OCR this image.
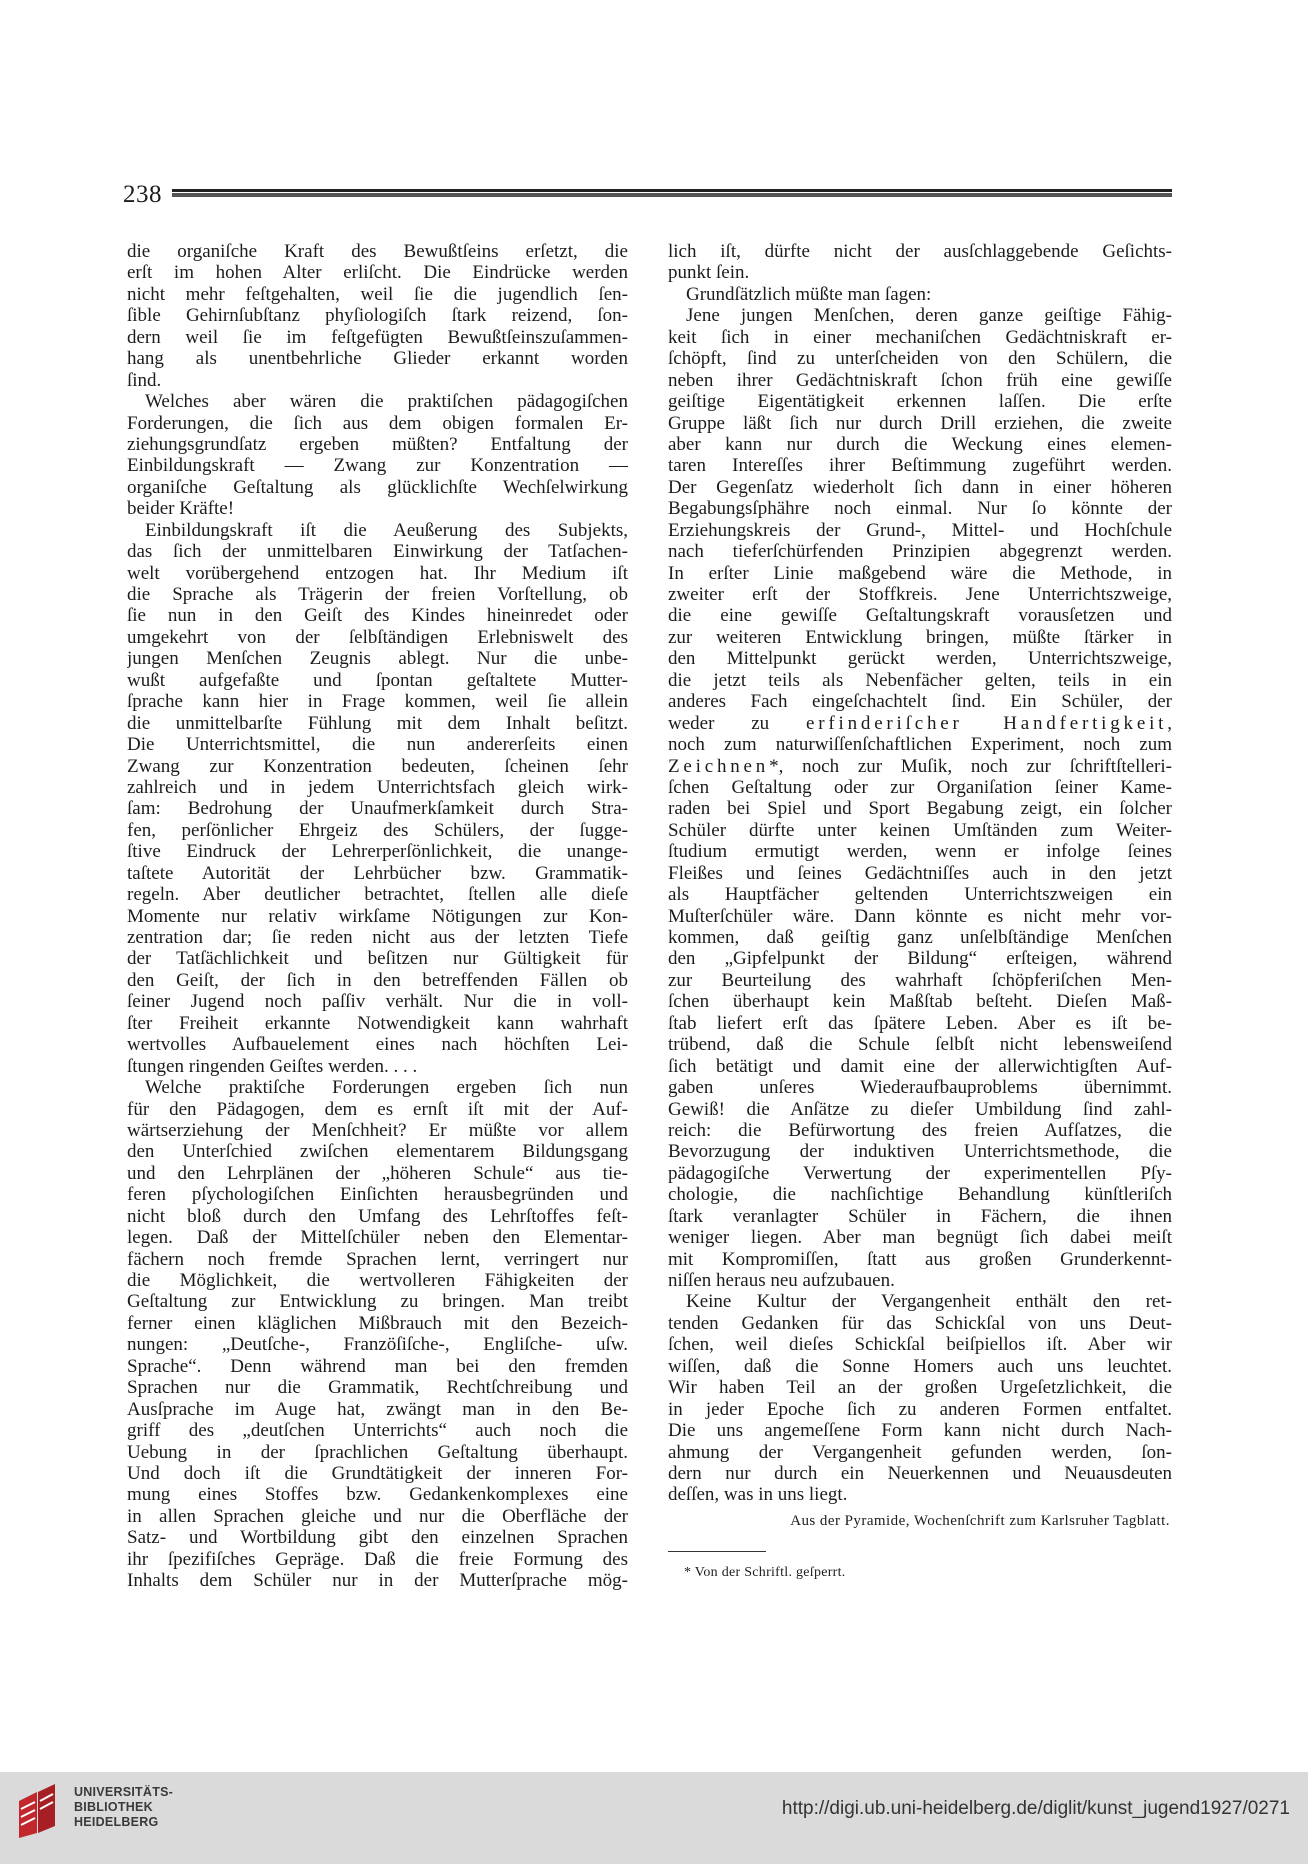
238
die organiſche Kraft des Bewußtſeins erſetzt, die
erſt im hohen Alter erliſcht. Die Eindrücke werden
nicht mehr feſtgehalten, weil ſie die jugendlich ſen-
ſible Gehirnſubſtanz phyſiologiſch ſtark reizend, ſon-
dern weil ſie im feſtgefügten Bewußtſeinszuſammen-
hang als unentbehrliche Glieder erkannt worden
ſind.
Welches aber wären die praktiſchen pädagogiſchen
Forderungen, die ſich aus dem obigen formalen Er-
ziehungsgrundſatz ergeben müßten? Entfaltung der
Einbildungskraft — Zwang zur Konzentration —
organiſche Geſtaltung als glücklichſte Wechſelwirkung
beider Kräfte!
Einbildungskraft iſt die Aeußerung des Subjekts,
das ſich der unmittelbaren Einwirkung der Tatſachen-
welt vorübergehend entzogen hat. Ihr Medium iſt
die Sprache als Trägerin der freien Vorſtellung, ob
ſie nun in den Geiſt des Kindes hineinredet oder
umgekehrt von der ſelbſtändigen Erlebniswelt des
jungen Menſchen Zeugnis ablegt. Nur die unbe-
wußt aufgefaßte und ſpontan geſtaltete Mutter-
ſprache kann hier in Frage kommen, weil ſie allein
die unmittelbarſte Fühlung mit dem Inhalt beſitzt.
Die Unterrichtsmittel, die nun andererſeits einen
Zwang zur Konzentration bedeuten, ſcheinen ſehr
zahlreich und in jedem Unterrichtsfach gleich wirk-
ſam: Bedrohung der Unaufmerkſamkeit durch Stra-
fen, perſönlicher Ehrgeiz des Schülers, der ſugge-
ſtive Eindruck der Lehrerperſönlichkeit, die unange-
taſtete Autorität der Lehrbücher bzw. Grammatik-
regeln. Aber deutlicher betrachtet, ſtellen alle dieſe
Momente nur relativ wirkſame Nötigungen zur Kon-
zentration dar; ſie reden nicht aus der letzten Tiefe
der Tatſächlichkeit und beſitzen nur Gültigkeit für
den Geiſt, der ſich in den betreffenden Fällen ob
ſeiner Jugend noch paſſiv verhält. Nur die in voll-
ſter Freiheit erkannte Notwendigkeit kann wahrhaft
wertvolles Aufbauelement eines nach höchſten Lei-
ſtungen ringenden Geiſtes werden. . . .
Welche praktiſche Forderungen ergeben ſich nun
für den Pädagogen, dem es ernſt iſt mit der Auf-
wärtserziehung der Menſchheit? Er müßte vor allem
den Unterſchied zwiſchen elementarem Bildungsgang
und den Lehrplänen der „höheren Schule“ aus tie-
feren pſychologiſchen Einſichten herausbegründen und
nicht bloß durch den Umfang des Lehrſtoffes feſt-
legen. Daß der Mittelſchüler neben den Elementar-
fächern noch fremde Sprachen lernt, verringert nur
die Möglichkeit, die wertvolleren Fähigkeiten der
Geſtaltung zur Entwicklung zu bringen. Man treibt
ferner einen kläglichen Mißbrauch mit den Bezeich-
nungen: „Deutſche-, Franzöſiſche-, Engliſche- uſw.
Sprache“. Denn während man bei den fremden
Sprachen nur die Grammatik, Rechtſchreibung und
Ausſprache im Auge hat, zwängt man in den Be-
griff des „deutſchen Unterrichts“ auch noch die
Uebung in der ſprachlichen Geſtaltung überhaupt.
Und doch iſt die Grundtätigkeit der inneren For-
mung eines Stoffes bzw. Gedankenkomplexes eine
in allen Sprachen gleiche und nur die Oberfläche der
Satz- und Wortbildung gibt den einzelnen Sprachen
ihr ſpezifiſches Gepräge. Daß die freie Formung des
Inhalts dem Schüler nur in der Mutterſprache mög-
lich iſt, dürfte nicht der ausſchlaggebende Geſichts-
punkt ſein.
Grundſätzlich müßte man ſagen:
Jene jungen Menſchen, deren ganze geiſtige Fähig-
keit ſich in einer mechaniſchen Gedächtniskraft er-
ſchöpft, ſind zu unterſcheiden von den Schülern, die
neben ihrer Gedächtniskraft ſchon früh eine gewiſſe
geiſtige Eigentätigkeit erkennen laſſen. Die erſte
Gruppe läßt ſich nur durch Drill erziehen, die zweite
aber kann nur durch die Weckung eines elemen-
taren Intereſſes ihrer Beſtimmung zugeführt werden.
Der Gegenſatz wiederholt ſich dann in einer höheren
Begabungsſphähre noch einmal. Nur ſo könnte der
Erziehungskreis der Grund-, Mittel- und Hochſchule
nach tieferſchürfenden Prinzipien abgegrenzt werden.
In erſter Linie maßgebend wäre die Methode, in
zweiter erſt der Stoffkreis. Jene Unterrichtszweige,
die eine gewiſſe Geſtaltungskraft vorausſetzen und
zur weiteren Entwicklung bringen, müßte ſtärker in
den Mittelpunkt gerückt werden, Unterrichtszweige,
die jetzt teils als Nebenfächer gelten, teils in ein
anderes Fach eingeſchachtelt ſind. Ein Schüler, der
weder zu erfinderiſcher Handfertigkeit,
noch zum naturwiſſenſchaftlichen Experiment, noch zum
Zeichnen*, noch zur Muſik, noch zur ſchriftſtelleri-
ſchen Geſtaltung oder zur Organiſation ſeiner Kame-
raden bei Spiel und Sport Begabung zeigt, ein ſolcher
Schüler dürfte unter keinen Umſtänden zum Weiter-
ſtudium ermutigt werden, wenn er infolge ſeines
Fleißes und ſeines Gedächtniſſes auch in den jetzt
als Hauptfächer geltenden Unterrichtszweigen ein
Muſterſchüler wäre. Dann könnte es nicht mehr vor-
kommen, daß geiſtig ganz unſelbſtändige Menſchen
den „Gipfelpunkt der Bildung“ erſteigen, während
zur Beurteilung des wahrhaft ſchöpferiſchen Men-
ſchen überhaupt kein Maßſtab beſteht. Dieſen Maß-
ſtab liefert erſt das ſpätere Leben. Aber es iſt be-
trübend, daß die Schule ſelbſt nicht lebensweiſend
ſich betätigt und damit eine der allerwichtigſten Auf-
gaben unſeres Wiederaufbauproblems übernimmt.
Gewiß! die Anſätze zu dieſer Umbildung ſind zahl-
reich: die Befürwortung des freien Aufſatzes, die
Bevorzugung der induktiven Unterrichtsmethode, die
pädagogiſche Verwertung der experimentellen Pſy-
chologie, die nachſichtige Behandlung künſtleriſch
ſtark veranlagter Schüler in Fächern, die ihnen
weniger liegen. Aber man begnügt ſich dabei meiſt
mit Kompromiſſen, ſtatt aus großen Grunderkennt-
niſſen heraus neu aufzubauen.
Keine Kultur der Vergangenheit enthält den ret-
tenden Gedanken für das Schickſal von uns Deut-
ſchen, weil dieſes Schickſal beiſpiellos iſt. Aber wir
wiſſen, daß die Sonne Homers auch uns leuchtet.
Wir haben Teil an der großen Urgeſetzlichkeit, die
in jeder Epoche ſich zu anderen Formen entfaltet.
Die uns angemeſſene Form kann nicht durch Nach-
ahmung der Vergangenheit gefunden werden, ſon-
dern nur durch ein Neuerkennen und Neuausdeuten
deſſen, was in uns liegt.
Aus der Pyramide, Wochenſchrift zum Karlsruher Tagblatt.
* Von der Schriftl. geſperrt.
UNIVERSITÄTS-
BIBLIOTHEK
HEIDELBERG
http://digi.ub.uni-heidelberg.de/diglit/kunst_jugend1927/0271
